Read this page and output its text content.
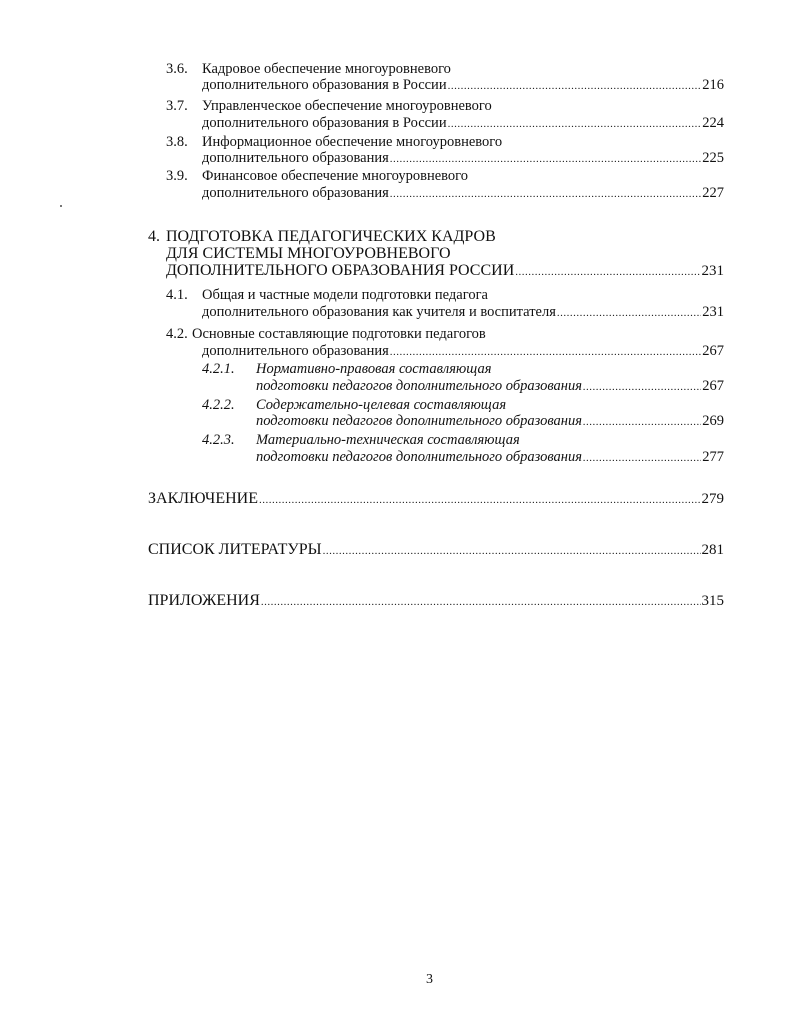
3.6. Кадровое обеспечение многоуровневого
дополнительного образования в России .....	216
3.7. Управленческое обеспечение многоуровневого
дополнительного образования в России .....	224
3.8. Информационное обеспечение многоуровневого
дополнительного образования .....	225
3.9. Финансовое обеспечение многоуровневого
дополнительного образования .....	227
4. ПОДГОТОВКА ПЕДАГОГИЧЕСКИХ КАДРОВ
ДЛЯ СИСТЕМЫ МНОГОУРОВНЕВОГО
ДОПОЛНИТЕЛЬНОГО ОБРАЗОВАНИЯ РОССИИ .....	231
4.1. Общая и частные модели подготовки педагога
дополнительного образования как учителя и воспитателя .....	231
4.2. Основные составляющие подготовки педагогов
дополнительного образования .....	267
4.2.1.	Нормативно-правовая составляющая
подготовки педагогов дополнительного образования .....	267
4.2.2.	Содержательно-целевая составляющая
подготовки педагогов дополнительного образования .....	269
4.2.3.	Материально-техническая составляющая
подготовки педагогов дополнительного образования .....	277
ЗАКЛЮЧЕНИЕ .....	279
СПИСОК ЛИТЕРАТУРЫ .....	281
ПРИЛОЖЕНИЯ .....	315
3
